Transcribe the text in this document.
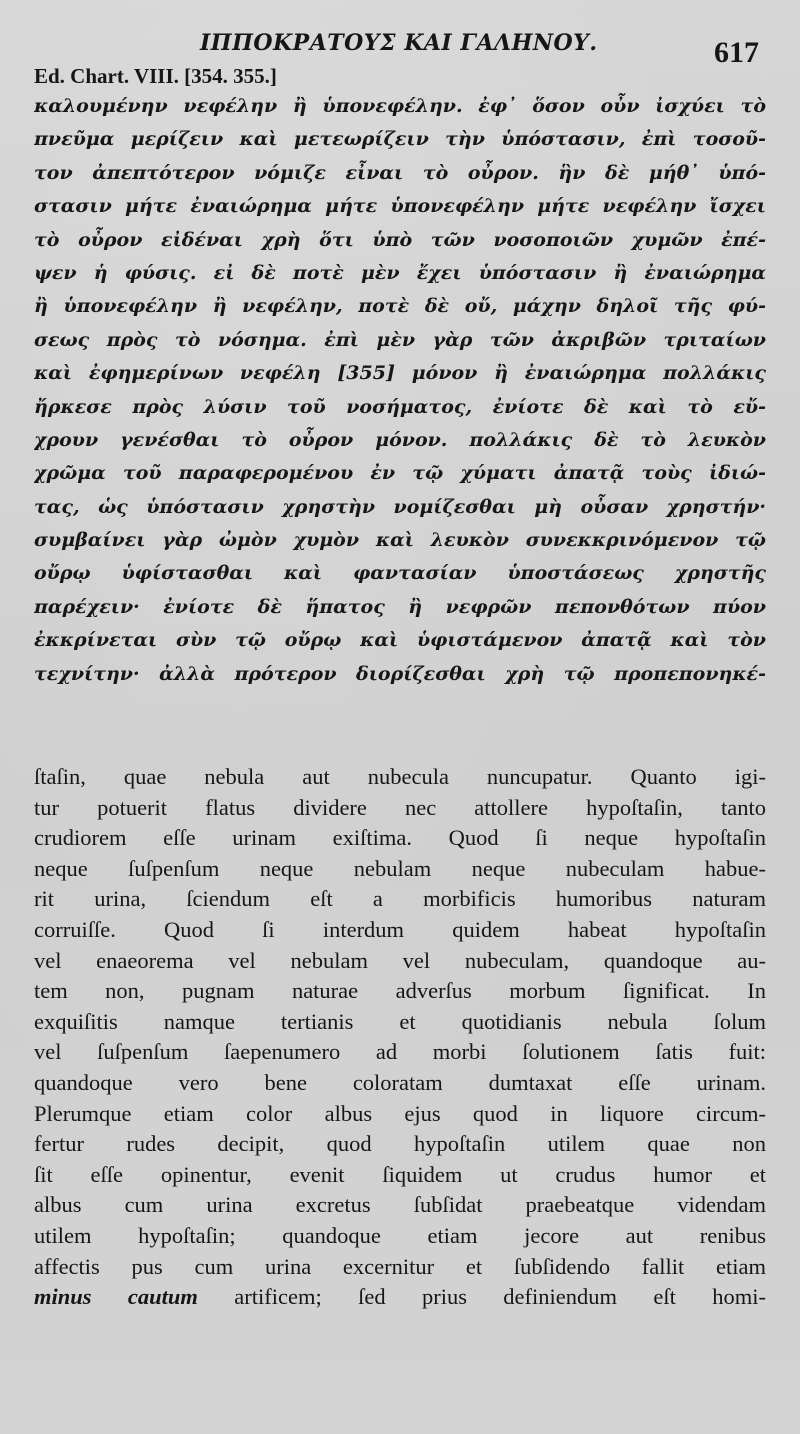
ΙΠΠΟΚΡΑΤΟΥΣ ΚΑΙ ΓΑΛΗΝΟΥ.	617
Ed. Chart. VIII. [354. 355.]
καλουμένην νεφέλην ἢ ὑπονεφέλην. ἐφ᾽ ὅσον οὖν ἰσχύει τὸ
πνεῦμα μερίζειν καὶ μετεωρίζειν τὴν ὑπόστασιν, ἐπὶ τοσοῦ-
τον ἀπεπτότερον νόμιζε εἶναι τὸ οὖρον. ἣν δὲ μήθ᾽ ὑπό-
στασιν μήτε ἐναιώρημα μήτε ὑπονεφέλην μήτε νεφέλην ἴσχει
τὸ οὖρον εἰδέναι χρὴ ὅτι ὑπὸ τῶν νοσοποιῶν χυμῶν ἐπέ-
ψεν ἡ φύσις. εἰ δὲ ποτὲ μὲν ἔχει ὑπόστασιν ἢ ἐναιώρημα
ἢ ὑπονεφέλην ἢ νεφέλην, ποτὲ δὲ οὔ, μάχην δηλοῖ τῆς φύ-
σεως πρὸς τὸ νόσημα. ἐπὶ μὲν γὰρ τῶν ἀκριβῶν τριταίων
καὶ ἐφημερίνων νεφέλη [355] μόνον ἢ ἐναιώρημα πολλάκις
ἤρκεσε πρὸς λύσιν τοῦ νοσήματος, ἐνίοτε δὲ καὶ τὸ εὔ-
χρουν γενέσθαι τὸ οὖρον μόνον. πολλάκις δὲ τὸ λευκὸν
χρῶμα τοῦ παραφερομένου ἐν τῷ χύματι ἀπατᾷ τοὺς ἰδιώ-
τας, ὡς ὑπόστασιν χρηστὴν νομίζεσθαι μὴ οὖσαν χρηστήν·
συμβαίνει γὰρ ὠμὸν χυμὸν καὶ λευκὸν συνεκκρινόμενον τῷ
οὔρῳ ὑφίστασθαι καὶ φαντασίαν ὑποστάσεως χρηστῆς
παρέχειν· ἐνίοτε δὲ ἥπατος ἢ νεφρῶν πεπονθότων πύον
ἐκκρίνεται σὺν τῷ οὔρῳ καὶ ὑφιστάμενον ἀπατᾷ καὶ τὸν
τεχνίτην· ἀλλὰ πρότερον διορίζεσθαι χρὴ τῷ προπεπονηκέ-
ſtaſin, quae nebula aut nubecula nuncupatur. Quanto igi-
tur potuerit flatus dividere nec attollere hypoſtaſin, tanto
crudiorem eſſe urinam exiſtima. Quod ſi neque hypoſtaſin
neque ſuſpenſum neque nebulam neque nubeculam habue-
rit urina, ſciendum eſt a morbificis humoribus naturam
corruiſſe. Quod ſi interdum quidem habeat hypoſtaſin
vel enaeorema vel nebulam vel nubeculam, quandoque au-
tem non, pugnam naturae adverſus morbum ſignificat. In
exquiſitis namque tertianis et quotidianis nebula ſolum
vel ſuſpenſum ſaepenumero ad morbi ſolutionem ſatis fuit:
quandoque vero bene coloratam dumtaxat eſſe urinam.
Plerumque etiam color albus ejus quod in liquore circum-
fertur rudes decipit, quod hypoſtaſin utilem quae non
ſit eſſe opinentur, evenit ſiquidem ut crudus humor et
albus cum urina excretus ſubſidat praebeatque videndam
utilem hypoſtaſin; quandoque etiam jecore aut renibus
affectis pus cum urina excernitur et ſubſidendo fallit etiam
minus cautum artificem; ſed prius definiendum eſt homi-
